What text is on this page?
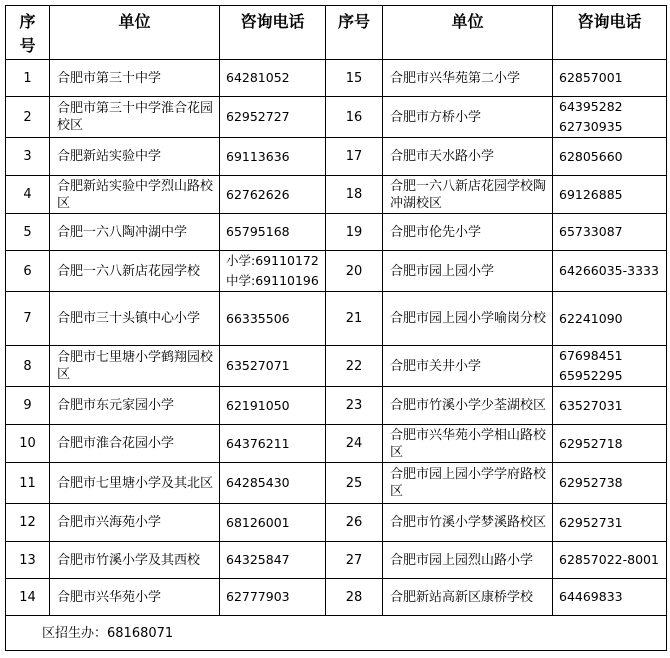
序号	单位	咨询电话	序号	单位	咨询电话
1	合肥市第三十中学	64281052	15	合肥市兴华苑第二小学	62857001

2	合肥市第三十中学淮合花园校区	62952727	16	合肥市方桥小学	64395282
62730935

3	合肥新站实验中学	69113636	17	合肥市天水路小学	62805660

4	合肥新站实验中学烈山路校区	62762626	18	合肥一六八新店花园学校陶冲湖校区	69126885

5	合肥一六八陶冲湖中学	65795168	19	合肥市伦先小学	65733087

6	合肥一六八新店花园学校	小学:69110172
中学:69110196	20	合肥市园上园小学	64266035-3333

7	合肥市三十头镇中心小学	66335506	21	合肥市园上园小学喻岗分校	62241090

8	合肥市七里塘小学鹤翔园校区	63527071	22	合肥市关井小学	67698451
65952295

9	合肥市东元家园小学	62191050	23	合肥市竹溪小学少荃湖校区	63527031

10	合肥市淮合花园小学	64376211	24	合肥市兴华苑小学相山路校区	62952718

11	合肥市七里塘小学及其北区	64285430	25	合肥市园上园小学学府路校区	62952738

12	合肥市兴海苑小学	68126001	26	合肥市竹溪小学梦溪路校区	62952731

13	合肥市竹溪小学及其西校	64325847	27	合肥市园上园烈山路小学	62857022-8001

14	合肥市兴华苑小学	62777903	28	合肥新站高新区康桥学校	64469833

区招生办：68168071					
